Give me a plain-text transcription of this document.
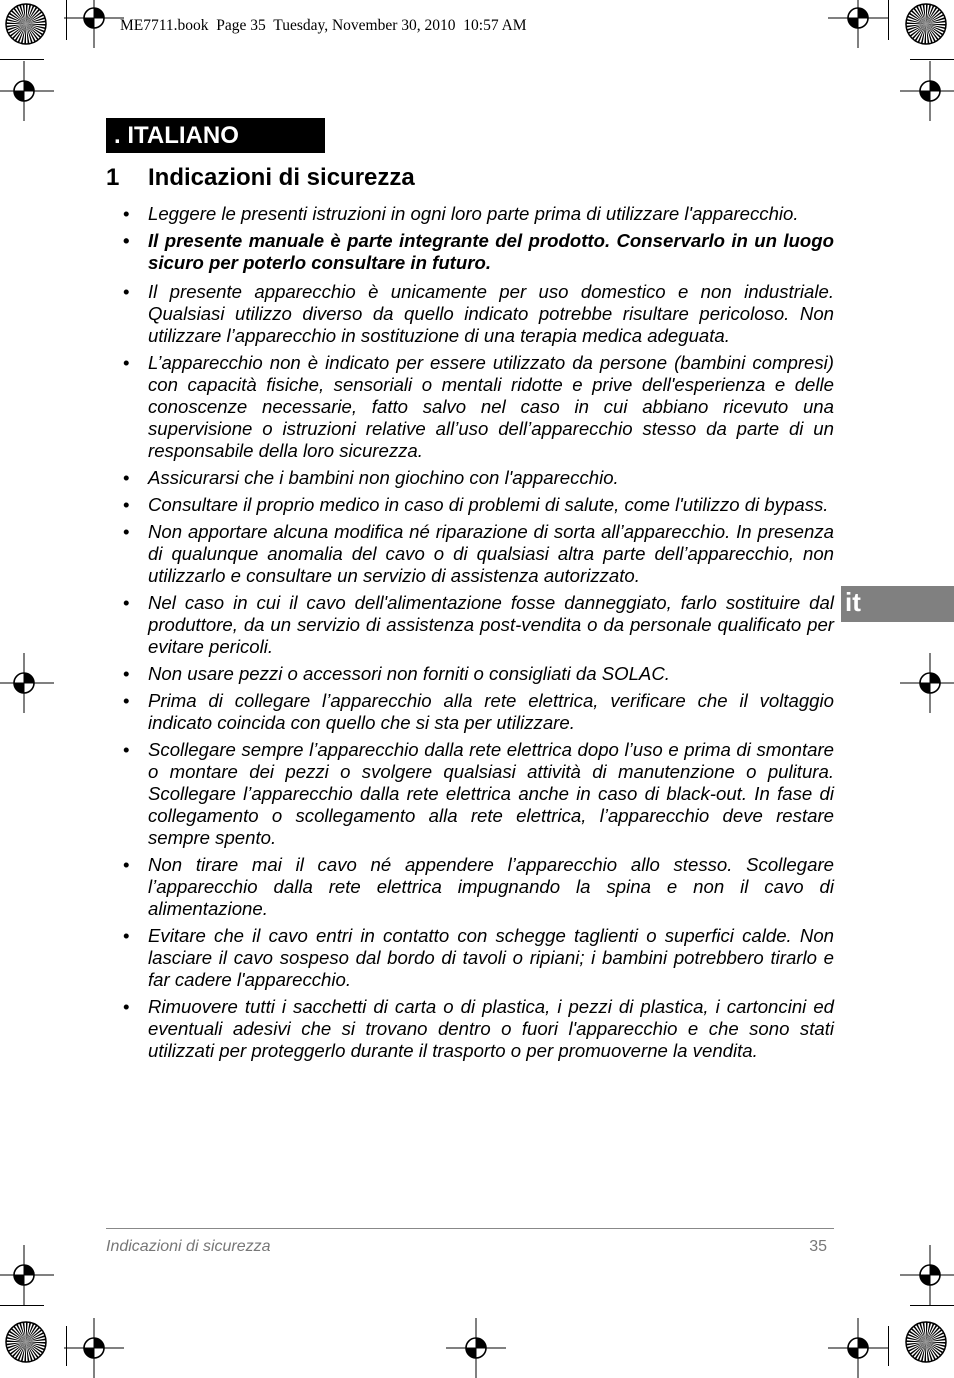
ME7711.book  Page 35  Tuesday, November 30, 2010  10:57 AM
. ITALIANO
1 Indicazioni di sicurezza
• Leggere le presenti istruzioni in ogni loro parte prima di utilizzare l'apparecchio.
• Il presente manuale è parte integrante del prodotto. Conservarlo in un luogo sicuro per poterlo consultare in futuro.
• Il presente apparecchio è unicamente per uso domestico e non industriale. Qualsiasi utilizzo diverso da quello indicato potrebbe risultare pericoloso. Non utilizzare l’apparecchio in sostituzione di una terapia medica adeguata.
• L’apparecchio non è indicato per essere utilizzato da persone (bambini compresi) con capacità fisiche, sensoriali o mentali ridotte e prive dell'esperienza e delle conoscenze necessarie, fatto salvo nel caso in cui abbiano ricevuto una supervisione o istruzioni relative all’uso dell’apparecchio stesso da parte di un responsabile della loro sicurezza.
• Assicurarsi che i bambini non giochino con l'apparecchio.
• Consultare il proprio medico in caso di problemi di salute, come l'utilizzo di bypass.
• Non apportare alcuna modifica né riparazione di sorta all’apparecchio. In presenza di qualunque anomalia del cavo o di qualsiasi altra parte dell’apparecchio, non utilizzarlo e consultare un servizio di assistenza autorizzato.
• Nel caso in cui il cavo dell'alimentazione fosse danneggiato, farlo sostituire dal produttore, da un servizio di assistenza post-vendita o da personale qualificato per evitare pericoli.
• Non usare pezzi o accessori non forniti o consigliati da SOLAC.
• Prima di collegare l’apparecchio alla rete elettrica, verificare che il voltaggio indicato coincida con quello che si sta per utilizzare.
• Scollegare sempre l’apparecchio dalla rete elettrica dopo l’uso e prima di smontare o montare dei pezzi o svolgere qualsiasi attività di manutenzione o pulitura. Scollegare l’apparecchio dalla rete elettrica anche in caso di black-out. In fase di collegamento o scollegamento alla rete elettrica, l’apparecchio deve restare sempre spento.
• Non tirare mai il cavo né appendere l’apparecchio allo stesso. Scollegare l’apparecchio dalla rete elettrica impugnando la spina e non il cavo di alimentazione.
• Evitare che il cavo entri in contatto con schegge taglienti o superfici calde. Non lasciare il cavo sospeso dal bordo di tavoli o ripiani; i bambini potrebbero tirarlo e far cadere l'apparecchio.
• Rimuovere tutti i sacchetti di carta o di plastica, i pezzi di plastica, i cartoncini ed eventuali adesivi che si trovano dentro o fuori l'apparecchio e che sono stati utilizzati per proteggerlo durante il trasporto o per promuoverne la vendita.
it
Indicazioni di sicurezza	35
